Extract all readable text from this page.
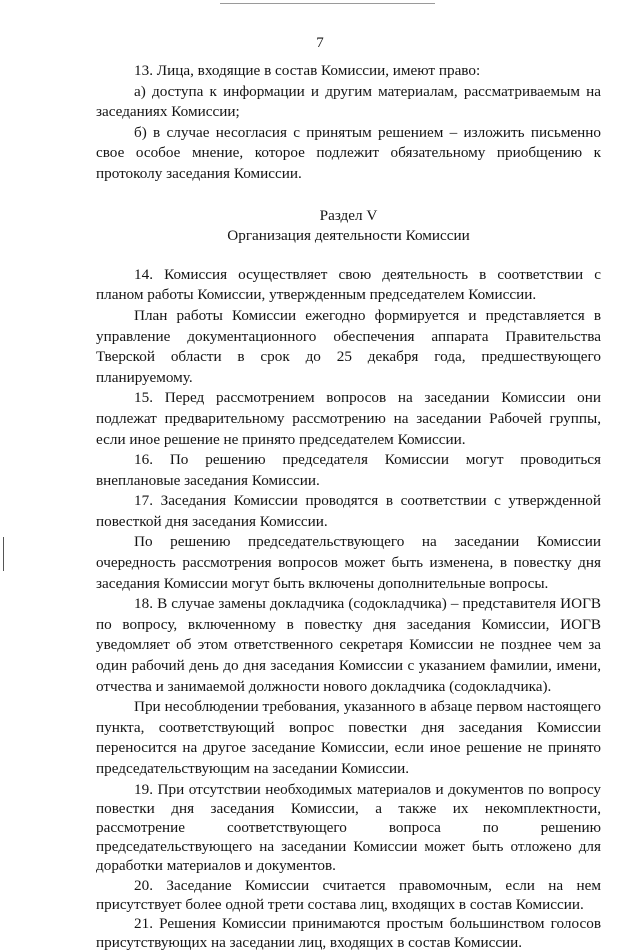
7

13. Лица, входящие в состав Комиссии, имеют право:

а) доступа к информации и другим материалам, рассматриваемым на заседаниях Комиссии;

б) в случае несогласия с принятым решением – изложить письменно свое особое мнение, которое подлежит обязательному приобщению к протоколу заседания Комиссии.

Раздел V

Организация деятельности Комиссии

14. Комиссия осуществляет свою деятельность в соответствии с планом работы Комиссии, утвержденным председателем Комиссии.

План работы Комиссии ежегодно формируется и представляется в управление документационного обеспечения аппарата Правительства Тверской области в срок до 25 декабря года, предшествующего планируемому.

15. Перед рассмотрением вопросов на заседании Комиссии они подлежат предварительному рассмотрению на заседании Рабочей группы, если иное решение не принято председателем Комиссии.

16. По решению председателя Комиссии могут проводиться внеплановые заседания Комиссии.

17. Заседания Комиссии проводятся в соответствии с утвержденной повесткой дня заседания Комиссии.

По решению председательствующего на заседании Комиссии очередность рассмотрения вопросов может быть изменена, в повестку дня заседания Комиссии могут быть включены дополнительные вопросы.

18. В случае замены докладчика (содокладчика) – представителя ИОГВ по вопросу, включенному в повестку дня заседания Комиссии, ИОГВ уведомляет об этом ответственного секретаря Комиссии не позднее чем за один рабочий день до дня заседания Комиссии с указанием фамилии, имени, отчества и занимаемой должности нового докладчика (содокладчика).

При несоблюдении требования, указанного в абзаце первом настоящего пункта, соответствующий вопрос повестки дня заседания Комиссии переносится на другое заседание Комиссии, если иное решение не принято председательствующим на заседании Комиссии.

19. При отсутствии необходимых материалов и документов по вопросу повестки дня заседания Комиссии, а также их некомплектности, рассмотрение соответствующего вопроса по решению председательствующего на заседании Комиссии может быть отложено для доработки материалов и документов.

20. Заседание Комиссии считается правомочным, если на нем присутствует более одной трети состава лиц, входящих в состав Комиссии.

21. Решения Комиссии принимаются простым большинством голосов присутствующих на заседании лиц, входящих в состав Комиссии.
